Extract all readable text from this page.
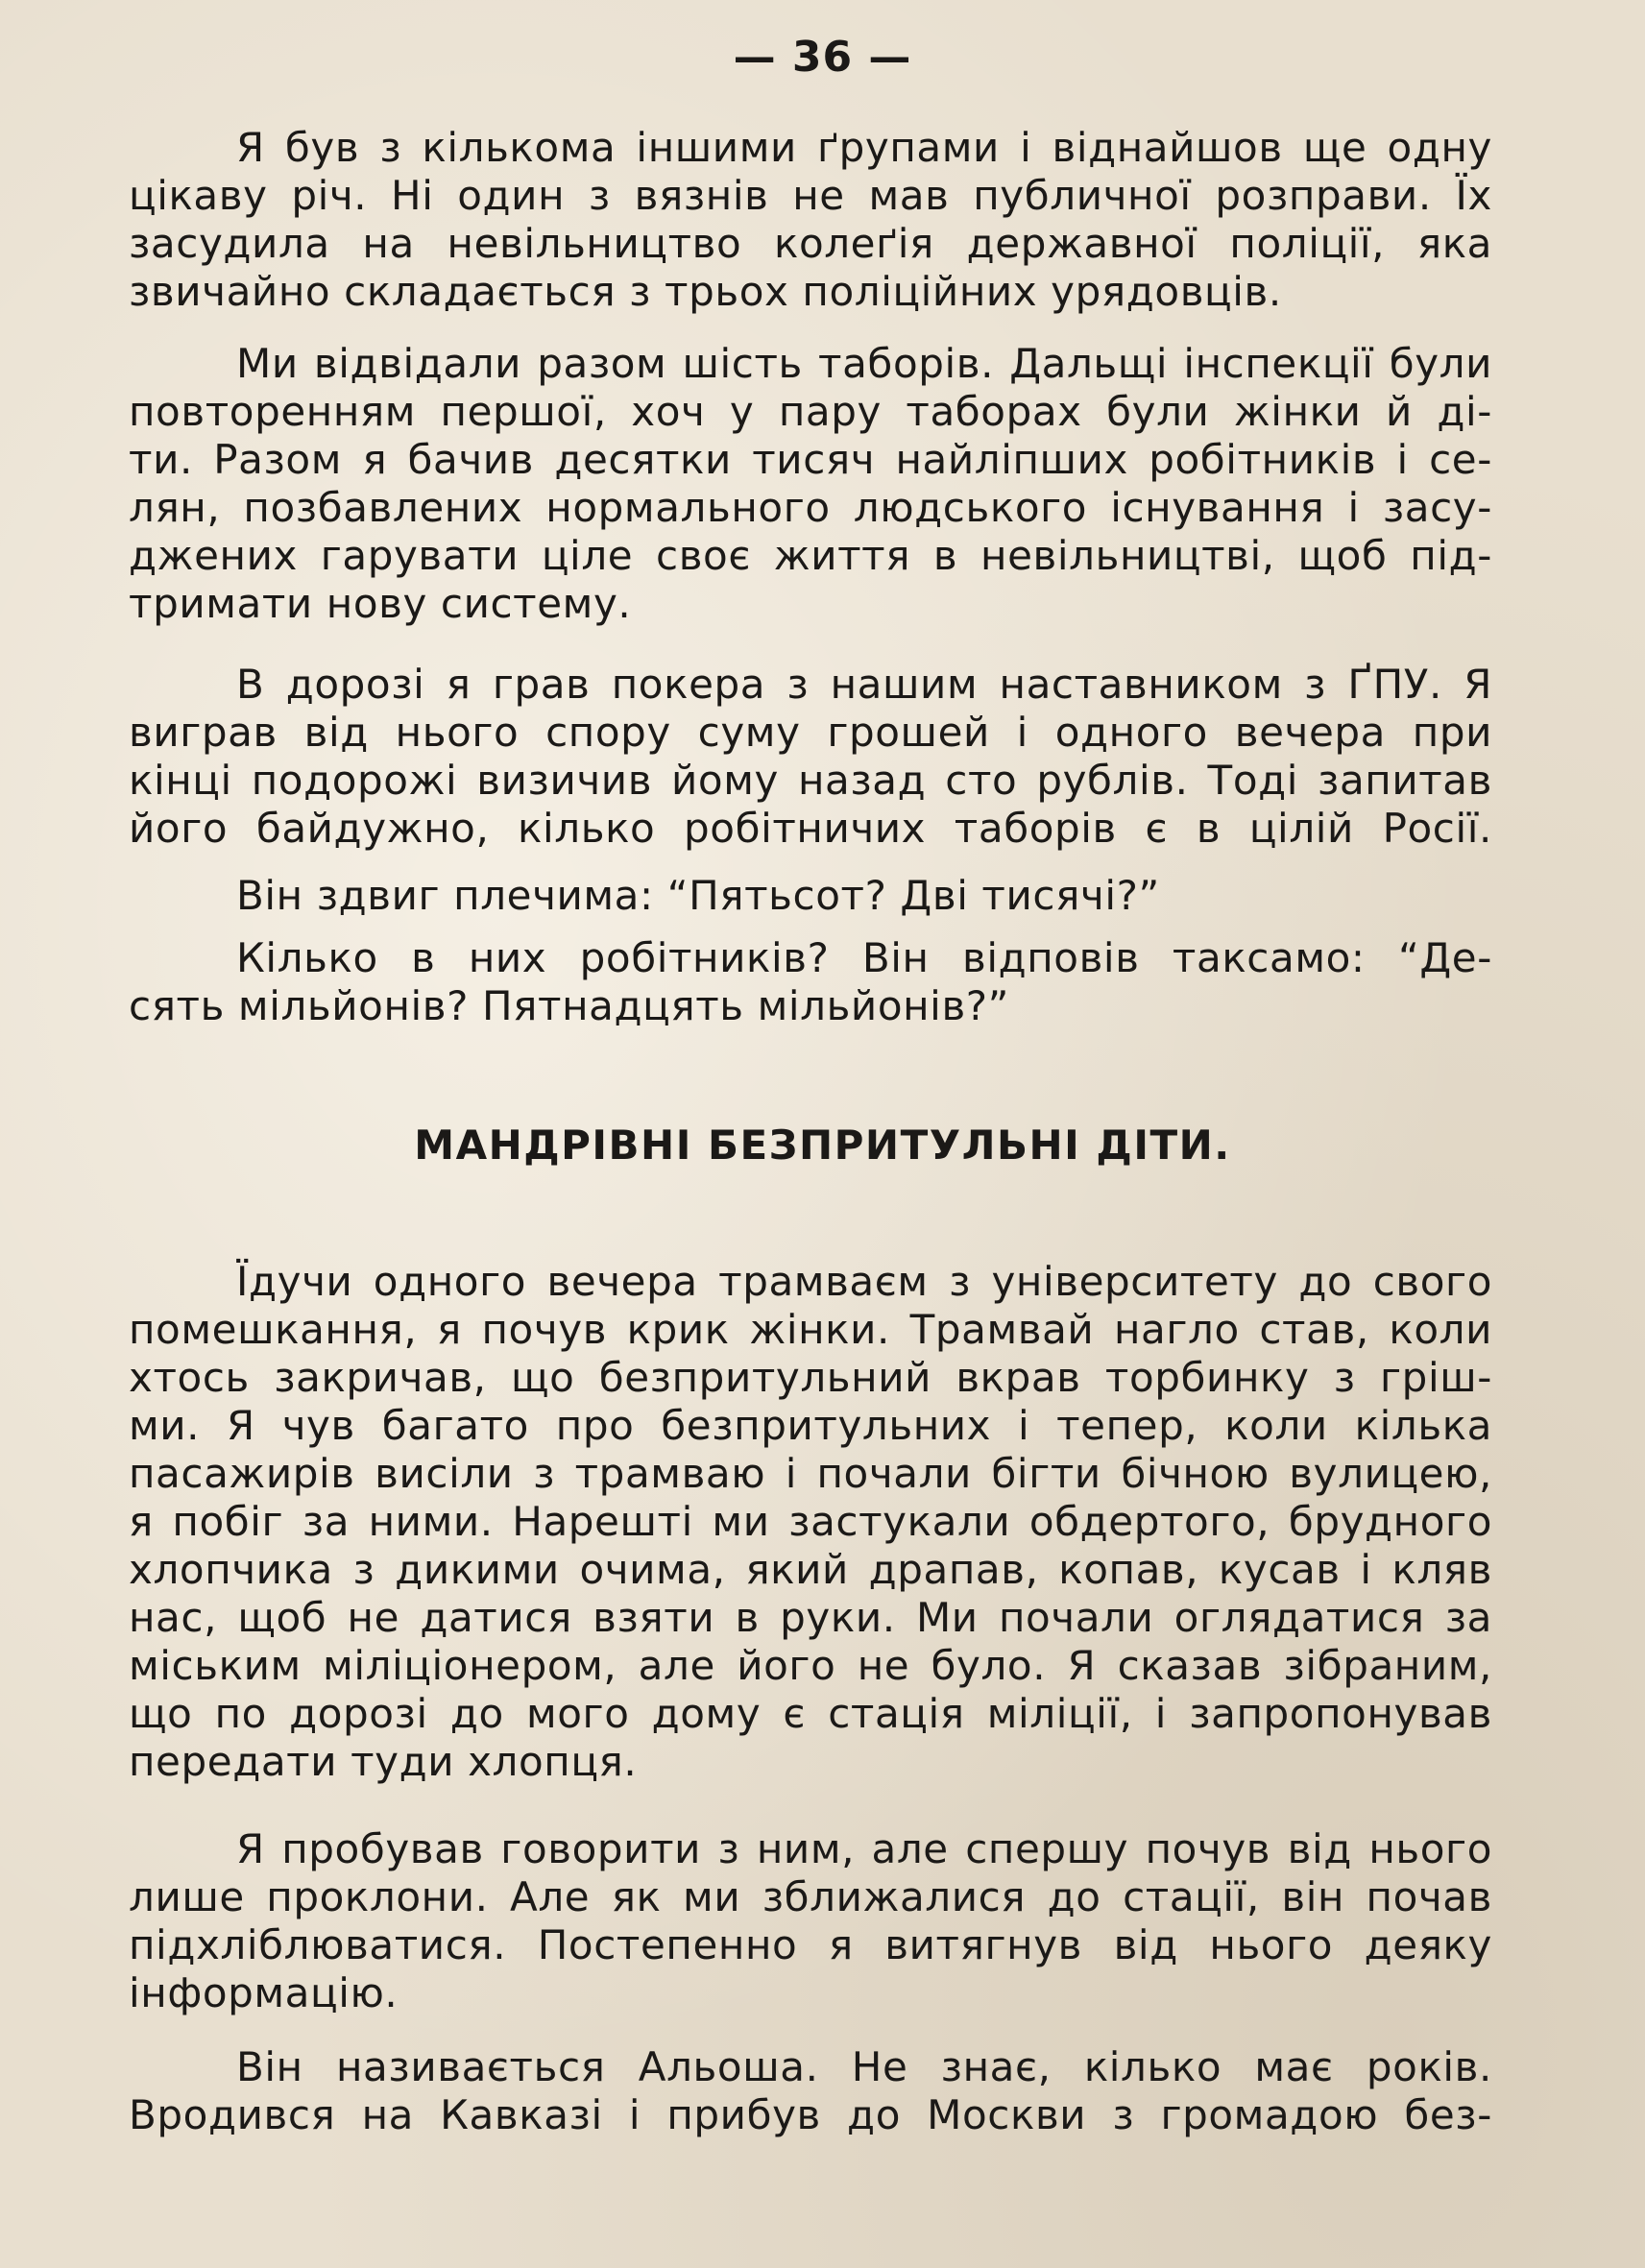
— 36 —
Я був з кількома іншими ґрупами і віднайшов ще одну
цікаву річ. Ні один з вязнів не мав публичної розправи. Їх
засудила на невільництво колеґія державної поліції, яка
звичайно складається з трьох поліційних урядовців.
Ми відвідали разом шість таборів. Дальщі інспекції були
повторенням першої, хоч у пару таборах були жінки й ді-
ти. Разом я бачив десятки тисяч найліпших робітників і се-
лян, позбавлених нормального людського існування і засу-
джених гарувати ціле своє життя в невільництві, щоб під-
тримати нову систему.
В дорозі я грав покера з нашим наставником з ҐПУ. Я
виграв від нього спору суму грошей і одного вечера при
кінці подорожі визичив йому назад сто рублів. Тоді запитав
його байдужно, кілько робітничих таборів є в цілій Росії.
Він здвиг плечима: “Пятьсот? Дві тисячі?”
Кілько в них робітників? Він відповів таксамо: “Де-
сять мільйонів? Пятнадцять мільйонів?”
МАНДРІВНІ БЕЗПРИТУЛЬНІ ДІТИ.
Їдучи одного вечера трамваєм з університету до свого
помешкання, я почув крик жінки. Трамвай нагло став, коли
хтось закричав, що безпритульний вкрав торбинку з гріш-
ми. Я чув багато про безпритульних і тепер, коли кілька
пасажирів висіли з трамваю і почали бігти бічною вулицею,
я побіг за ними. Нарешті ми застукали обдертого, брудного
хлопчика з дикими очима, який драпав, копав, кусав і кляв
нас, щоб не датися взяти в руки. Ми почали оглядатися за
міським міліціонером, але його не було. Я сказав зібраним,
що по дорозі до мого дому є стація міліції, і запропонував
передати туди хлопця.
Я пробував говорити з ним, але спершу почув від нього
лише проклони. Але як ми зближалися до стації, він почав
підхліблюватися. Постепенно я витягнув від нього деяку
інформацію.
Він називається Альоша. Не знає, кілько має років.
Вродився на Кавказі і прибув до Москви з громадою без-
